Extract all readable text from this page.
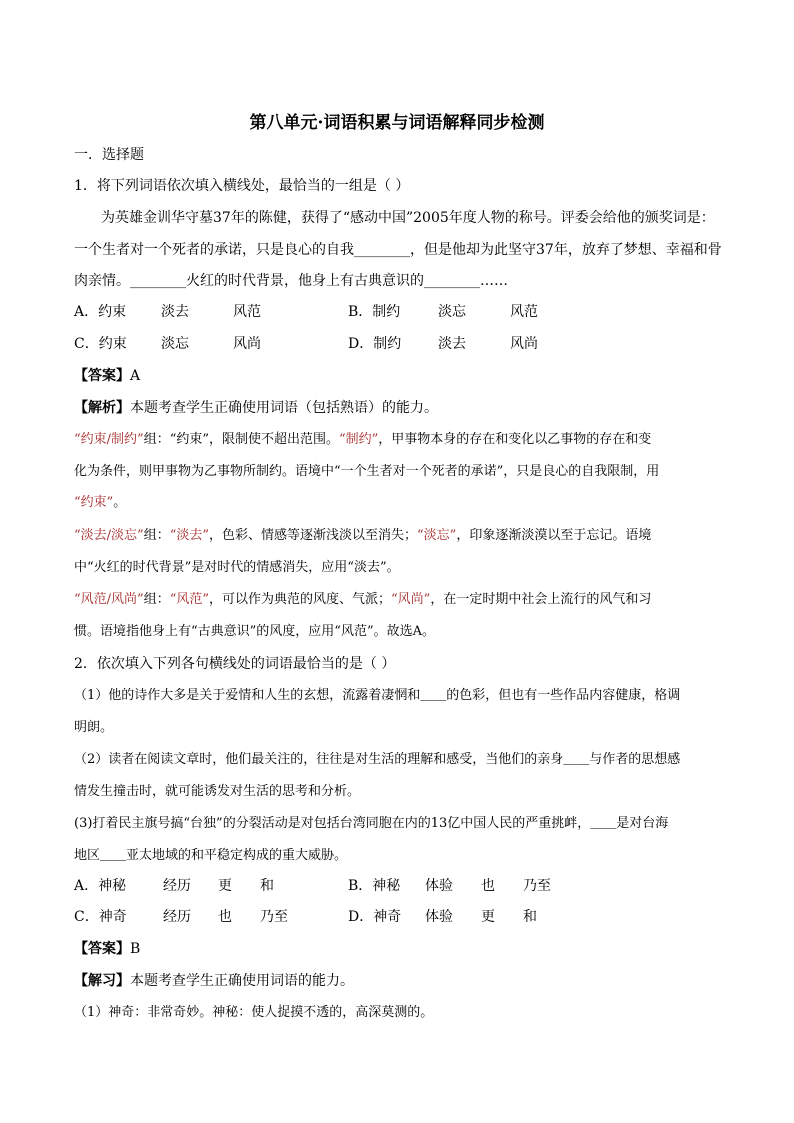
第八单元·词语积累与词语解释同步检测
一．选择题
1．将下列词语依次填入横线处，最恰当的一组是（ ）
为英雄金训华守墓37年的陈健，获得了“感动中国”2005年度人物的称号。评委会给他的颁奖词是：
一个生者对一个死者的承诺，只是良心的自我________，但是他却为此坚守37年，放弃了梦想、幸福和骨
肉亲情。________火红的时代背景，他身上有古典意识的________……
A．约束 淡去	风范	B．制约	淡忘	风范
C．约束 淡忘	风尚	D．制约	淡去	风尚
【答案】A
【解析】本题考查学生正确使用词语（包括熟语）的能力。
“约束/制约”组：“约束”，限制使不超出范围。“制约”，甲事物本身的存在和变化以乙事物的存在和变
化为条件，则甲事物为乙事物所制约。语境中“一个生者对一个死者的承诺”，只是良心的自我限制，用
“约束”。
“淡去/淡忘”组：“淡去”，色彩、情感等逐渐浅淡以至消失；“淡忘”，印象逐渐淡漠以至于忘记。语境
中“火红的时代背景”是对时代的情感消失，应用“淡去”。
“风范/风尚”组：“风范”，可以作为典范的风度、气派；“风尚”，在一定时期中社会上流行的风气和习
惯。语境指他身上有“古典意识”的风度，应用“风范”。故选A。
2．依次填入下列各句横线处的词语最恰当的是（ ）
（1）他的诗作大多是关于爱情和人生的玄想，流露着凄惘和＿＿的色彩，但也有一些作品内容健康，格调
明朗。
（2）读者在阅读文章时，他们最关注的，往往是对生活的理解和感受，当他们的亲身＿＿与作者的思想感
情发生撞击时，就可能诱发对生活的思考和分析。
(3)打着民主旗号搞“台独”的分裂活动是对包括台湾同胞在内的13亿中国人民的严重挑衅，＿＿是对台海
地区＿＿亚太地域的和平稳定构成的重大威胁。
A．神秘	经历 更 和	B．神秘 体验 也 乃至
C．神奇	经历 也 乃至	D．神奇 体验 更 和
【答案】B
【解习】本题考查学生正确使用词语的能力。
（1）神奇：非常奇妙。神秘：使人捉摸不透的，高深莫测的。
